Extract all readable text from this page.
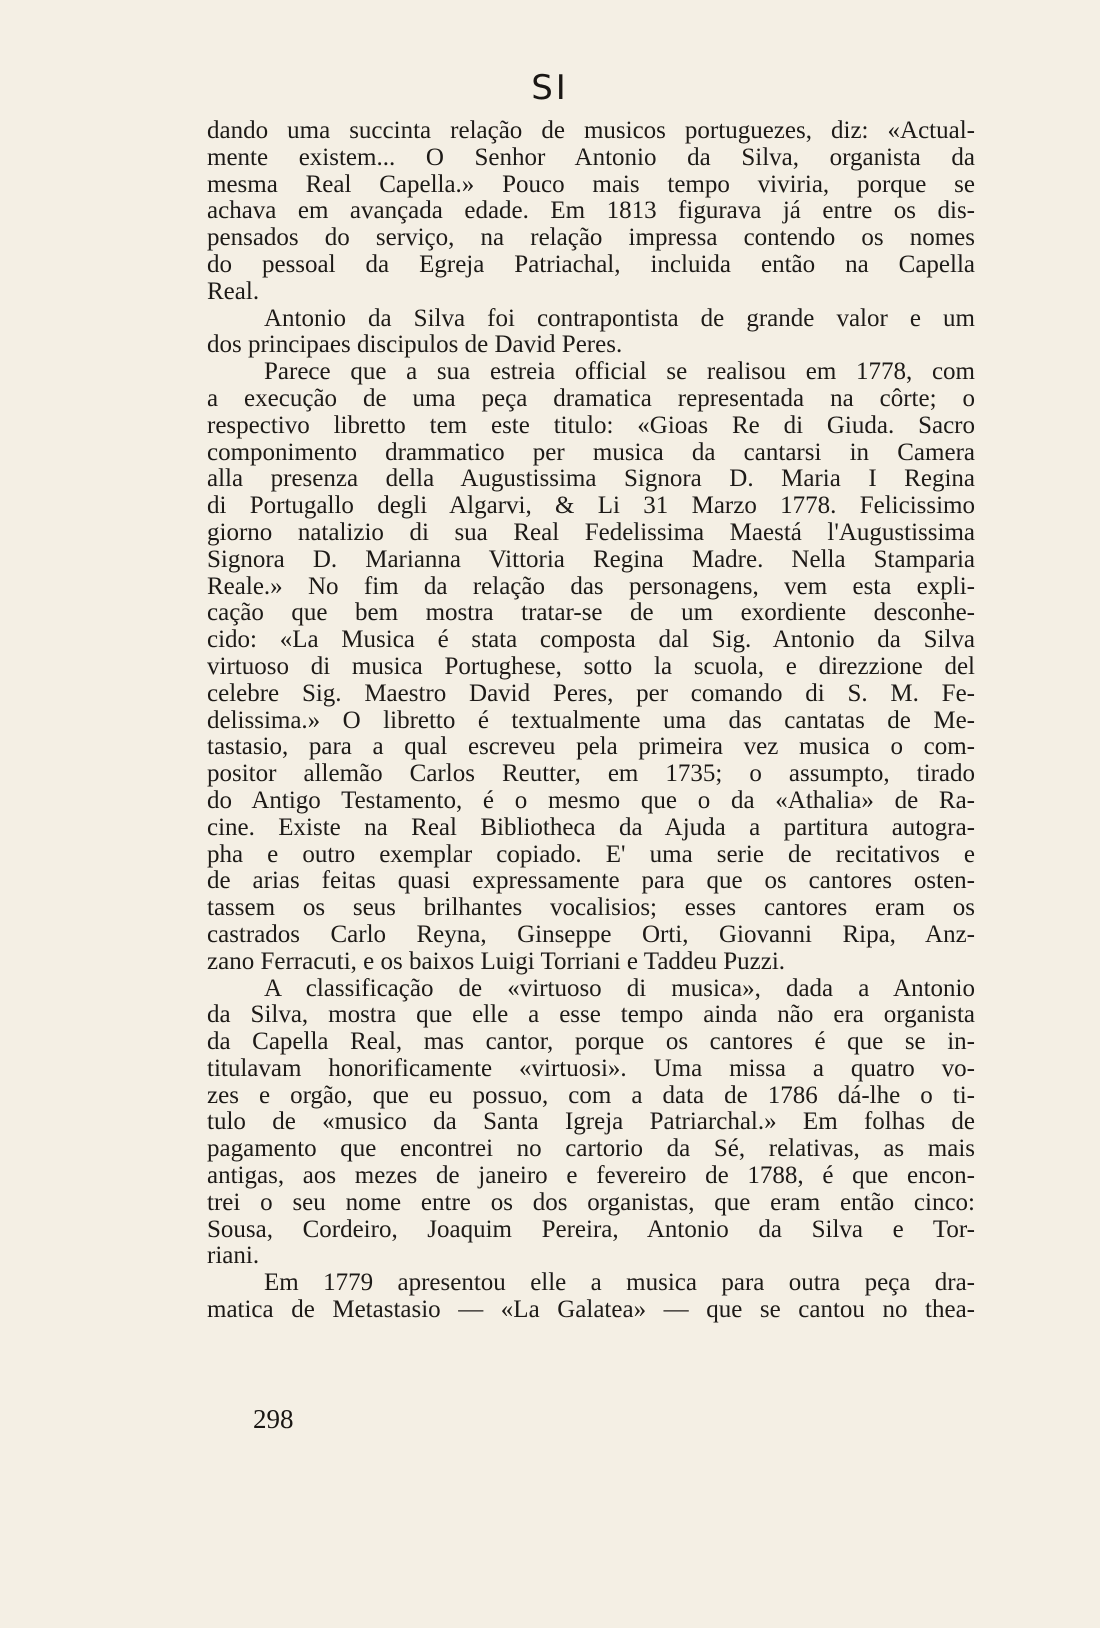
SI
dando uma succinta relação de musicos portuguezes, diz: «Actual-
mente existem... O Senhor Antonio da Silva, organista da
mesma Real Capella.» Pouco mais tempo viviria, porque se
achava em avançada edade. Em 1813 figurava já entre os dis-
pensados do serviço, na relação impressa contendo os nomes
do pessoal da Egreja Patriachal, incluida então na Capella
Real.
Antonio da Silva foi contrapontista de grande valor e um
dos principaes discipulos de David Peres.
Parece que a sua estreia official se realisou em 1778, com
a execução de uma peça dramatica representada na côrte; o
respectivo libretto tem este titulo: «Gioas Re di Giuda. Sacro
componimento drammatico per musica da cantarsi in Camera
alla presenza della Augustissima Signora D. Maria I Regina
di Portugallo degli Algarvi, & Li 31 Marzo 1778. Felicissimo
giorno natalizio di sua Real Fedelissima Maestá l'Augustissima
Signora D. Marianna Vittoria Regina Madre. Nella Stamparia
Reale.» No fim da relação das personagens, vem esta expli-
cação que bem mostra tratar-se de um exordiente desconhe-
cido: «La Musica é stata composta dal Sig. Antonio da Silva
virtuoso di musica Portughese, sotto la scuola, e direzzione del
celebre Sig. Maestro David Peres, per comando di S. M. Fe-
delissima.» O libretto é textualmente uma das cantatas de Me-
tastasio, para a qual escreveu pela primeira vez musica o com-
positor allemão Carlos Reutter, em 1735; o assumpto, tirado
do Antigo Testamento, é o mesmo que o da «Athalia» de Ra-
cine. Existe na Real Bibliotheca da Ajuda a partitura autogra-
pha e outro exemplar copiado. E' uma serie de recitativos e
de arias feitas quasi expressamente para que os cantores osten-
tassem os seus brilhantes vocalisios; esses cantores eram os
castrados Carlo Reyna, Ginseppe Orti, Giovanni Ripa, Anz-
zano Ferracuti, e os baixos Luigi Torriani e Taddeu Puzzi.
A classificação de «virtuoso di musica», dada a Antonio
da Silva, mostra que elle a esse tempo ainda não era organista
da Capella Real, mas cantor, porque os cantores é que se in-
titulavam honorificamente «virtuosi». Uma missa a quatro vo-
zes e orgão, que eu possuo, com a data de 1786 dá-lhe o ti-
tulo de «musico da Santa Igreja Patriarchal.» Em folhas de
pagamento que encontrei no cartorio da Sé, relativas, as mais
antigas, aos mezes de janeiro e fevereiro de 1788, é que encon-
trei o seu nome entre os dos organistas, que eram então cinco:
Sousa, Cordeiro, Joaquim Pereira, Antonio da Silva e Tor-
riani.
Em 1779 apresentou elle a musica para outra peça dra-
matica de Metastasio — «La Galatea» — que se cantou no thea-
298
